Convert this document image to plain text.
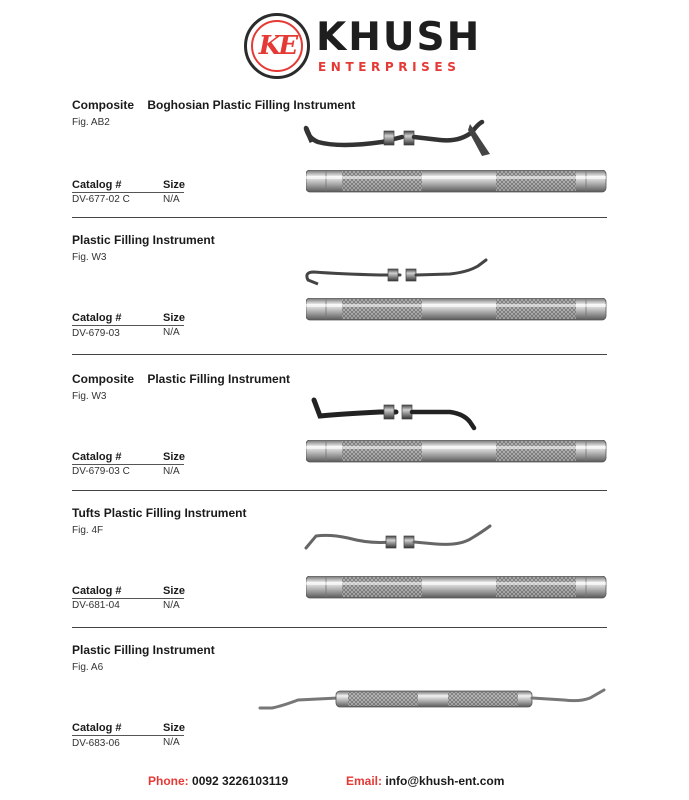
KE KHUSH
ENTERPRISES
Composite    Boghosian Plastic Filling Instrument
Fig. AB2
Catalog #	Size
DV-677-02 C	N/A
Plastic Filling Instrument
Fig. W3
Catalog #	Size
DV-679-03	N/A
Composite    Plastic Filling Instrument
Fig. W3
Catalog #	Size
DV-679-03 C	N/A
Tufts Plastic Filling Instrument
Fig. 4F
Catalog #	Size
DV-681-04	N/A
Plastic Filling Instrument
Fig. A6
Catalog #	Size
DV-683-06	N/A
Phone: 0092 3226103119	Email: info@khush-ent.com
